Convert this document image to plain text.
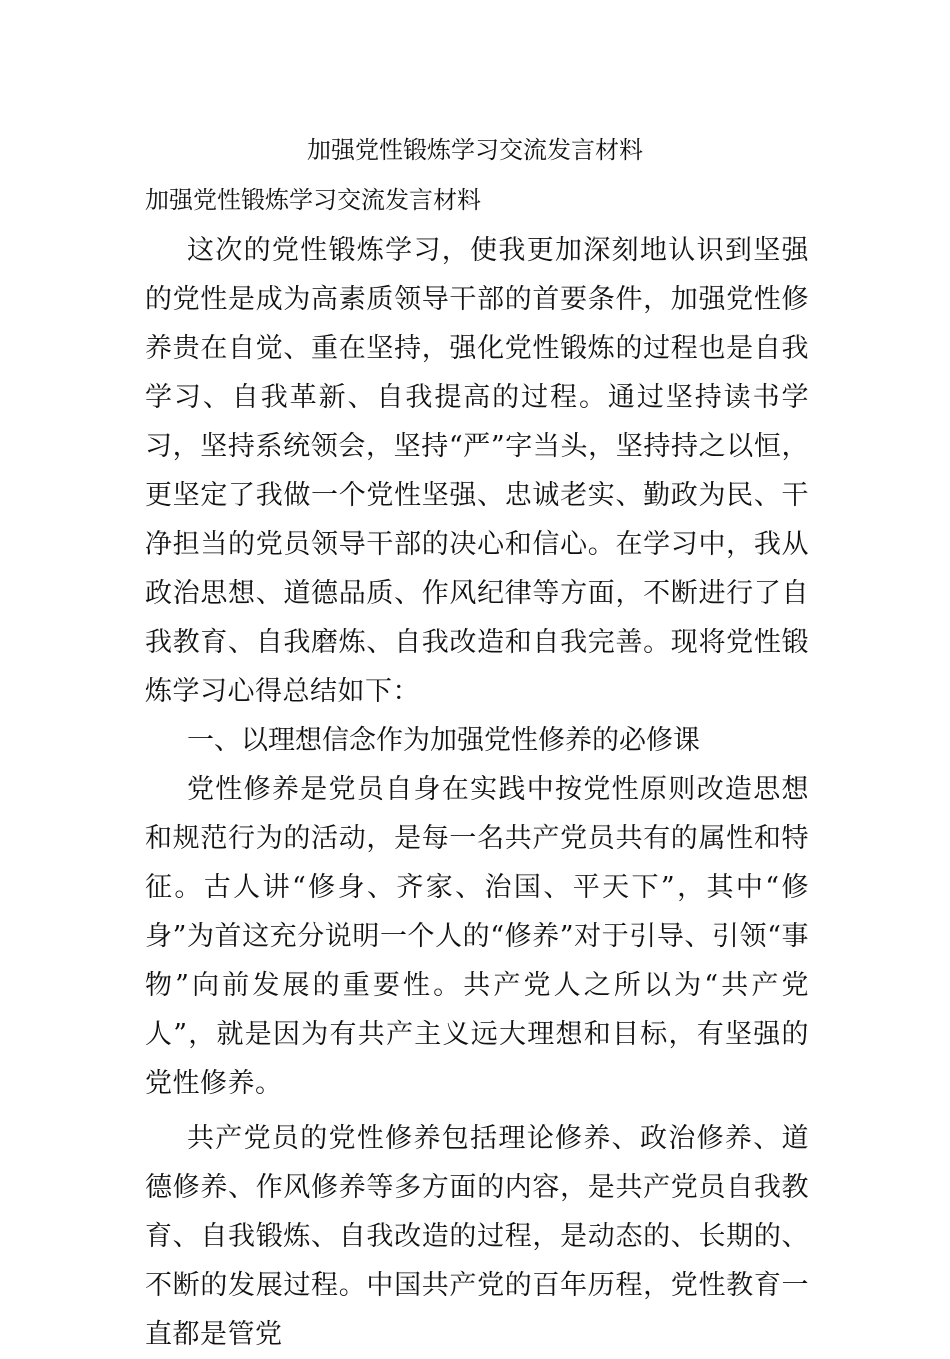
加强党性锻炼学习交流发言材料

加强党性锻炼学习交流发言材料

这次的党性锻炼学习，使我更加深刻地认识到坚强的党性是成为高素质领导干部的首要条件，加强党性修养贵在自觉、重在坚持，强化党性锻炼的过程也是自我学习、自我革新、自我提高的过程。通过坚持读书学习，坚持系统领会，坚持“严”字当头，坚持持之以恒，更坚定了我做一个党性坚强、忠诚老实、勤政为民、干净担当的党员领导干部的决心和信心。在学习中，我从政治思想、道德品质、作风纪律等方面，不断进行了自我教育、自我磨炼、自我改造和自我完善。现将党性锻炼学习心得总结如下：

一、以理想信念作为加强党性修养的必修课

党性修养是党员自身在实践中按党性原则改造思想和规范行为的活动，是每一名共产党员共有的属性和特征。古人讲“修身、齐家、治国、平天下”，其中“修身”为首这充分说明一个人的“修养”对于引导、引领“事物”向前发展的重要性。共产党人之所以为“共产党人”，就是因为有共产主义远大理想和目标，有坚强的党性修养。

共产党员的党性修养包括理论修养、政治修养、道德修养、作风修养等多方面的内容，是共产党员自我教育、自我锻炼、自我改造的过程，是动态的、长期的、不断的发展过程。中国共产党的百年历程，党性教育一直都是管党
